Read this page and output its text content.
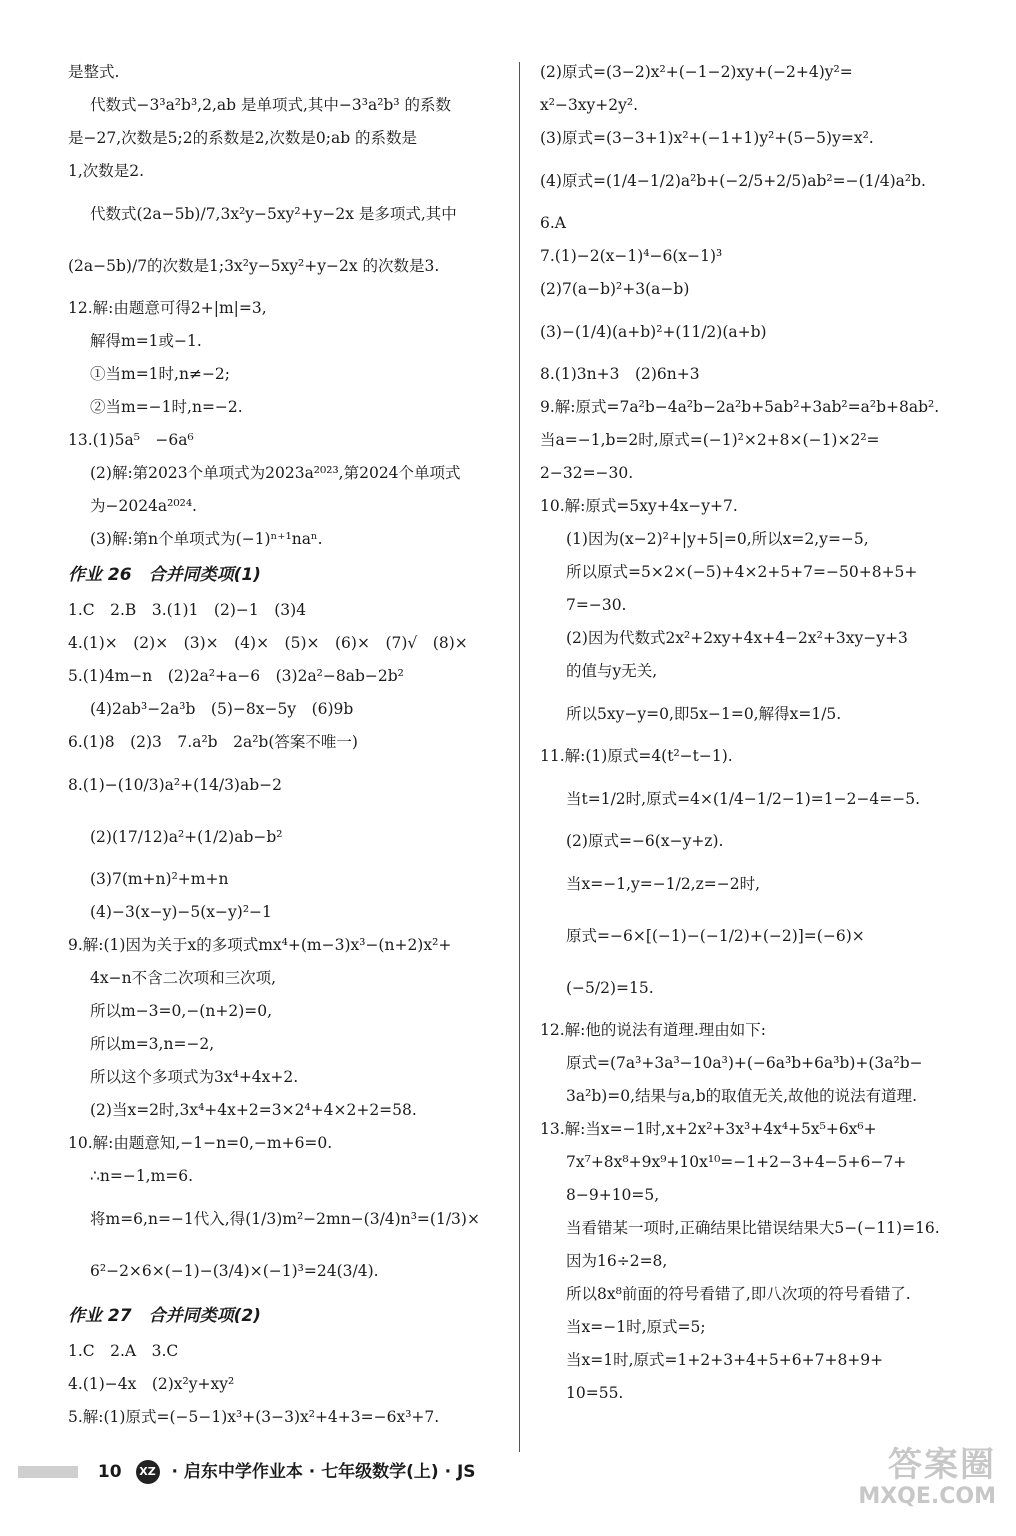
是整式.
代数式−3³a²b³,2,ab 是单项式,其中−3³a²b³ 的系数
是−27,次数是5;2的系数是2,次数是0;ab 的系数是
1,次数是2.
代数式(2a−5b)/7,3x²y−5xy²+y−2x 是多项式,其中
(2a−5b)/7的次数是1;3x²y−5xy²+y−2x 的次数是3.
12.解:由题意可得2+|m|=3,
解得m=1或−1.
①当m=1时,n≠−2;
②当m=−1时,n=−2.
13.(1)5a⁵　−6a⁶
(2)解:第2023个单项式为2023a²⁰²³,第2024个单项式
为−2024a²⁰²⁴.
(3)解:第n个单项式为(−1)ⁿ⁺¹naⁿ.
作业 26　合并同类项(1)
1.C　2.B　3.(1)1　(2)−1　(3)4
4.(1)×　(2)×　(3)×　(4)×　(5)×　(6)×　(7)√　(8)×
5.(1)4m−n　(2)2a²+a−6　(3)2a²−8ab−2b²
(4)2ab³−2a³b　(5)−8x−5y　(6)9b
6.(1)8　(2)3　7.a²b　2a²b(答案不唯一)
8.(1)−(10/3)a²+(14/3)ab−2
(2)(17/12)a²+(1/2)ab−b²
(3)7(m+n)²+m+n
(4)−3(x−y)−5(x−y)²−1
9.解:(1)因为关于x的多项式mx⁴+(m−3)x³−(n+2)x²+
4x−n不含二次项和三次项,
所以m−3=0,−(n+2)=0,
所以m=3,n=−2,
所以这个多项式为3x⁴+4x+2.
(2)当x=2时,3x⁴+4x+2=3×2⁴+4×2+2=58.
10.解:由题意知,−1−n=0,−m+6=0.
∴n=−1,m=6.
将m=6,n=−1代入,得(1/3)m²−2mn−(3/4)n³=(1/3)×
6²−2×6×(−1)−(3/4)×(−1)³=24(3/4).
作业 27　合并同类项(2)
1.C　2.A　3.C
4.(1)−4x　(2)x²y+xy²
5.解:(1)原式=(−5−1)x³+(3−3)x²+4+3=−6x³+7.
(2)原式=(3−2)x²+(−1−2)xy+(−2+4)y²=
x²−3xy+2y².
(3)原式=(3−3+1)x²+(−1+1)y²+(5−5)y=x².
(4)原式=(1/4−1/2)a²b+(−2/5+2/5)ab²=−(1/4)a²b.
6.A
7.(1)−2(x−1)⁴−6(x−1)³
(2)7(a−b)²+3(a−b)
(3)−(1/4)(a+b)²+(11/2)(a+b)
8.(1)3n+3　(2)6n+3
9.解:原式=7a²b−4a²b−2a²b+5ab²+3ab²=a²b+8ab².
当a=−1,b=2时,原式=(−1)²×2+8×(−1)×2²=
2−32=−30.
10.解:原式=5xy+4x−y+7.
(1)因为(x−2)²+|y+5|=0,所以x=2,y=−5,
所以原式=5×2×(−5)+4×2+5+7=−50+8+5+
7=−30.
(2)因为代数式2x²+2xy+4x+4−2x²+3xy−y+3
的值与y无关,
所以5xy−y=0,即5x−1=0,解得x=1/5.
11.解:(1)原式=4(t²−t−1).
当t=1/2时,原式=4×(1/4−1/2−1)=1−2−4=−5.
(2)原式=−6(x−y+z).
当x=−1,y=−1/2,z=−2时,
原式=−6×[(−1)−(−1/2)+(−2)]=(−6)×
(−5/2)=15.
12.解:他的说法有道理.理由如下:
原式=(7a³+3a³−10a³)+(−6a³b+6a³b)+(3a²b−
3a²b)=0,结果与a,b的取值无关,故他的说法有道理.
13.解:当x=−1时,x+2x²+3x³+4x⁴+5x⁵+6x⁶+
7x⁷+8x⁸+9x⁹+10x¹⁰=−1+2−3+4−5+6−7+
8−9+10=5,
当看错某一项时,正确结果比错误结果大5−(−11)=16.
因为16÷2=8,
所以8x⁸前面的符号看错了,即八次项的符号看错了.
当x=−1时,原式=5;
当x=1时,原式=1+2+3+4+5+6+7+8+9+
10=55.
10 XZ · 启东中学作业本 · 七年级数学(上) · JS	答案圈
MXQE.COM
